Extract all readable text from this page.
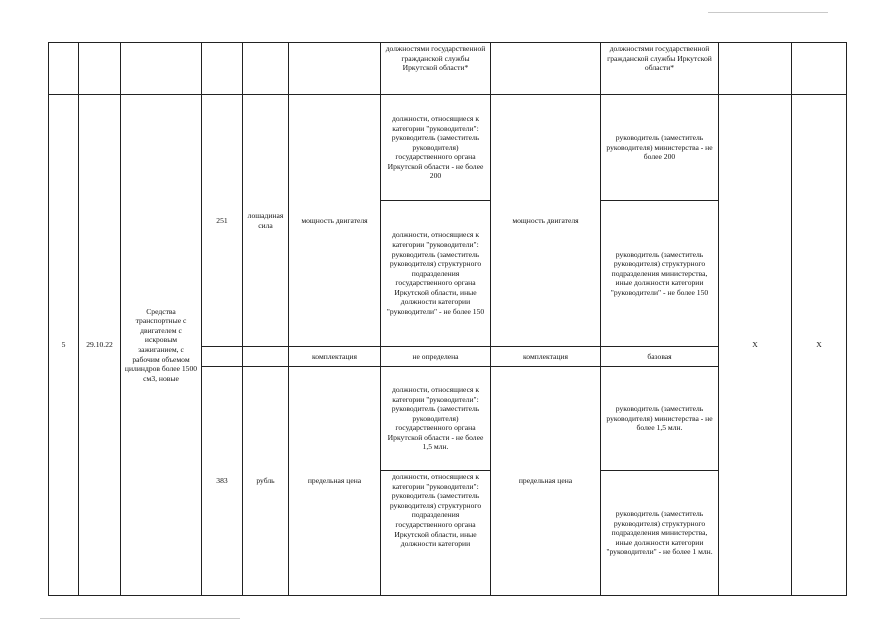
						должностями государственной гражданской службы Иркутской области*		должностями государственной гражданской службы Иркутской области*		
5	29.10.22	Средства транспортные с двигателем с искровым зажиганием, с рабочим объемом цилиндров более 1500 см3, новые	251	лошадиная сила	мощность двигателя	должности, относящиеся к категории "руководители": руководитель (заместитель руководителя) государственного органа Иркутской области - не более 200	мощность двигателя	руководитель (заместитель руководителя) министерства - не более 200	X	X
						должности, относящиеся к категории "руководители": руководитель (заместитель руководителя) структурного подразделения государственного органа Иркутской области, иные должности категории "руководители" - не более 150		руководитель (заместитель руководителя) структурного подразделения министерства, иные должности категории "руководители" - не более 150		
					комплектация	не определена	комплектация	базовая		
			383	рубль	предельная цена	должности, относящиеся к категории "руководители": руководитель (заместитель руководителя) государственного органа Иркутской области - не более 1,5 млн.	предельная цена	руководитель (заместитель руководителя) министерства - не более 1,5 млн.		
						должности, относящиеся к категории "руководители": руководитель (заместитель руководителя) структурного подразделения государственного органа Иркутской области, иные должности категории		руководитель (заместитель руководителя) структурного подразделения министерства, иные должности категории "руководители" - не более 1 млн.		
